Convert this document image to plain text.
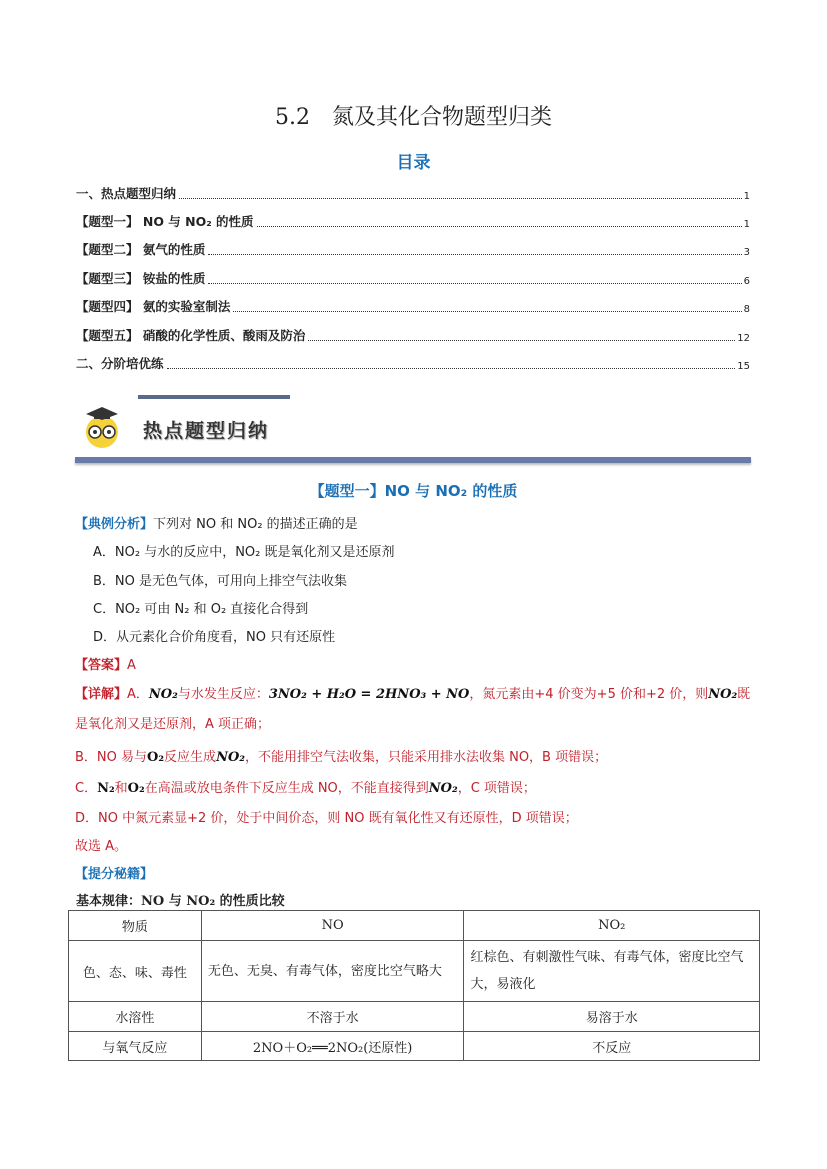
5.2　氮及其化合物题型归类
目录
一、热点题型归纳	1
【题型一】 NO 与 NO₂ 的性质	1
【题型二】 氨气的性质	3
【题型三】 铵盐的性质	6
【题型四】 氨的实验室制法	8
【题型五】 硝酸的化学性质、酸雨及防治	12
二、分阶培优练	15
热点题型归纳
【题型一】NO 与 NO₂ 的性质
【典例分析】下列对 NO 和 NO₂ 的描述正确的是
A．NO₂ 与水的反应中，NO₂ 既是氧化剂又是还原剂
B．NO 是无色气体，可用向上排空气法收集
C．NO₂ 可由 N₂ 和 O₂ 直接化合得到
D．从元素化合价角度看，NO 只有还原性
【答案】A
【详解】A．NO₂与水发生反应：3NO₂ + H₂O = 2HNO₃ + NO，氮元素由+4 价变为+5 价和+2 价，则NO₂既
是氧化剂又是还原剂，A 项正确；
B．NO 易与O₂反应生成NO₂，不能用排空气法收集，只能采用排水法收集 NO，B 项错误；
C．N₂和O₂在高温或放电条件下反应生成 NO，不能直接得到NO₂，C 项错误；
D．NO 中氮元素显+2 价，处于中间价态，则 NO 既有氧化性又有还原性，D 项错误；
故选 A。
【提分秘籍】
基本规律：NO 与 NO₂ 的性质比较
物质	NO	NO₂
色、态、味、毒性	无色、无臭、有毒气体，密度比空气略大	红棕色、有刺激性气味、有毒气体，密度比空气大，易液化
水溶性	不溶于水	易溶于水
与氧气反应	2NO＋O₂══2NO₂(还原性)	不反应
